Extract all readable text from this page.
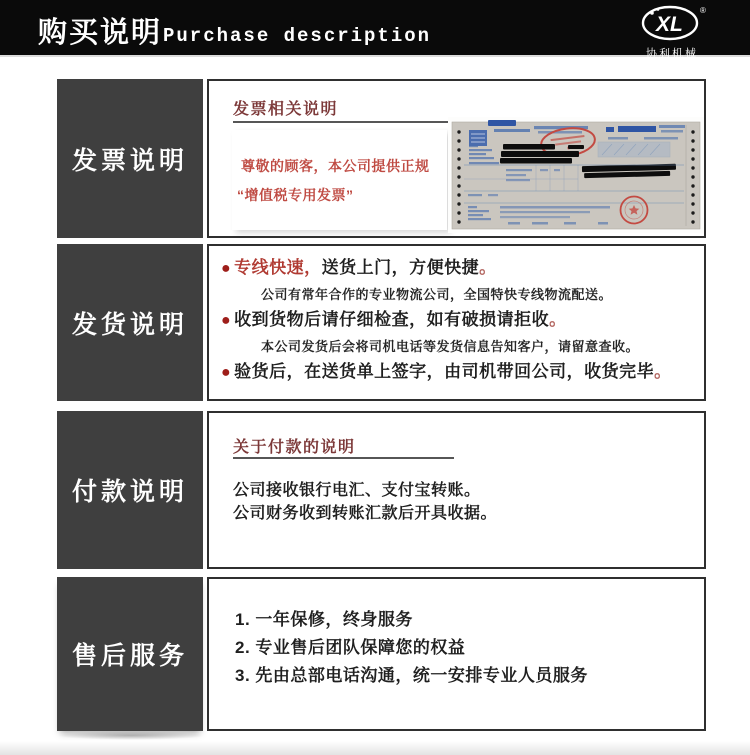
购买说明 Purchase description	XL
®
协利机械
发票说明
发票相关说明
尊敬的顾客，本公司提供正规
“增值税专用发票”
发货说明
● 专线快速，送货上门，方便快捷。
公司有常年合作的专业物流公司，全国特快专线物流配送。
● 收到货物后请仔细检查，如有破损请拒收。
本公司发货后会将司机电话等发货信息告知客户，请留意查收。
● 验货后，在送货单上签字，由司机带回公司，收货完毕。
付款说明
关于付款的说明
公司接收银行电汇、支付宝转账。
公司财务收到转账汇款后开具收据。
售后服务
1. 一年保修，终身服务
2. 专业售后团队保障您的权益
3. 先由总部电话沟通，统一安排专业人员服务
